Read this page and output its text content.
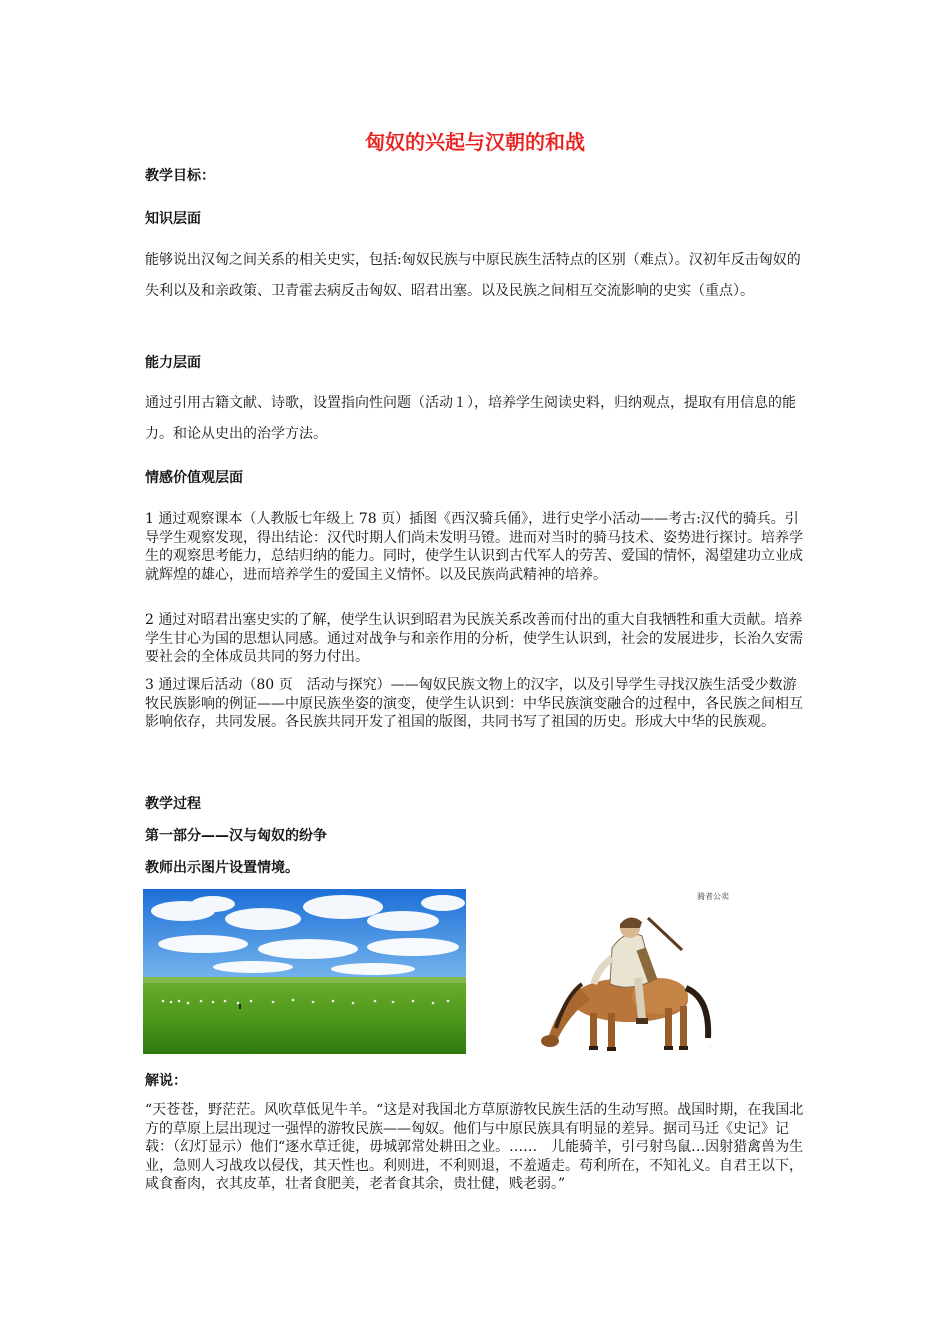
匈奴的兴起与汉朝的和战
教学目标：
知识层面

能够说出汉匈之间关系的相关史实，包括:匈奴民族与中原民族生活特点的区别（难点）。汉初年反击匈奴的失利以及和亲政策、卫青霍去病反击匈奴、昭君出塞。以及民族之间相互交流影响的史实（重点）。

能力层面

通过引用古籍文献、诗歌，设置指向性问题（活动１），培养学生阅读史料，归纳观点，提取有用信息的能力。和论从史出的治学方法。

情感价值观层面

1 通过观察课本（人教版七年级上 78 页）插图《西汉骑兵俑》，进行史学小活动——考古:汉代的骑兵。引导学生观察发现，得出结论：汉代时期人们尚未发明马镫。进而对当时的骑马技术、姿势进行探讨。培养学生的观察思考能力，总结归纳的能力。同时，使学生认识到古代军人的劳苦、爱国的情怀，渴望建功立业成就辉煌的雄心，进而培养学生的爱国主义情怀。以及民族尚武精神的培养。

2 通过对昭君出塞史实的了解，使学生认识到昭君为民族关系改善而付出的重大自我牺牲和重大贡献。培养学生甘心为国的思想认同感。通过对战争与和亲作用的分析，使学生认识到，社会的发展进步，长治久安需要社会的全体成员共同的努力付出。

3 通过课后活动（80 页　活动与探究）——匈奴民族文物上的汉字，以及引导学生寻找汉族生活受少数游牧民族影响的例证——中原民族坐姿的演变，使学生认识到：中华民族演变融合的过程中，各民族之间相互影响依存，共同发展。各民族共同开发了祖国的版图，共同书写了祖国的历史。形成大中华的民族观。

教学过程
第一部分——汉与匈奴的纷争
教师出示图片设置情境。
骑者公卖
·
解说：

“天苍苍，野茫茫。风吹草低见牛羊。“这是对我国北方草原游牧民族生活的生动写照。战国时期，在我国北方的草原上层出现过一强悍的游牧民族——匈奴。他们与中原民族具有明显的差异。据司马迁《史记》记载：（幻灯显示）他们“逐水草迁徙，毋城郭常处耕田之业。……　儿能骑羊，引弓射鸟鼠…因射猎禽兽为生业，急则人习战攻以侵伐，其天性也。利则进，不利则退，不羞遁走。苟利所在，不知礼义。自君王以下，咸食畜肉，衣其皮革，壮者食肥美，老者食其余，贵壮健，贱老弱。”
